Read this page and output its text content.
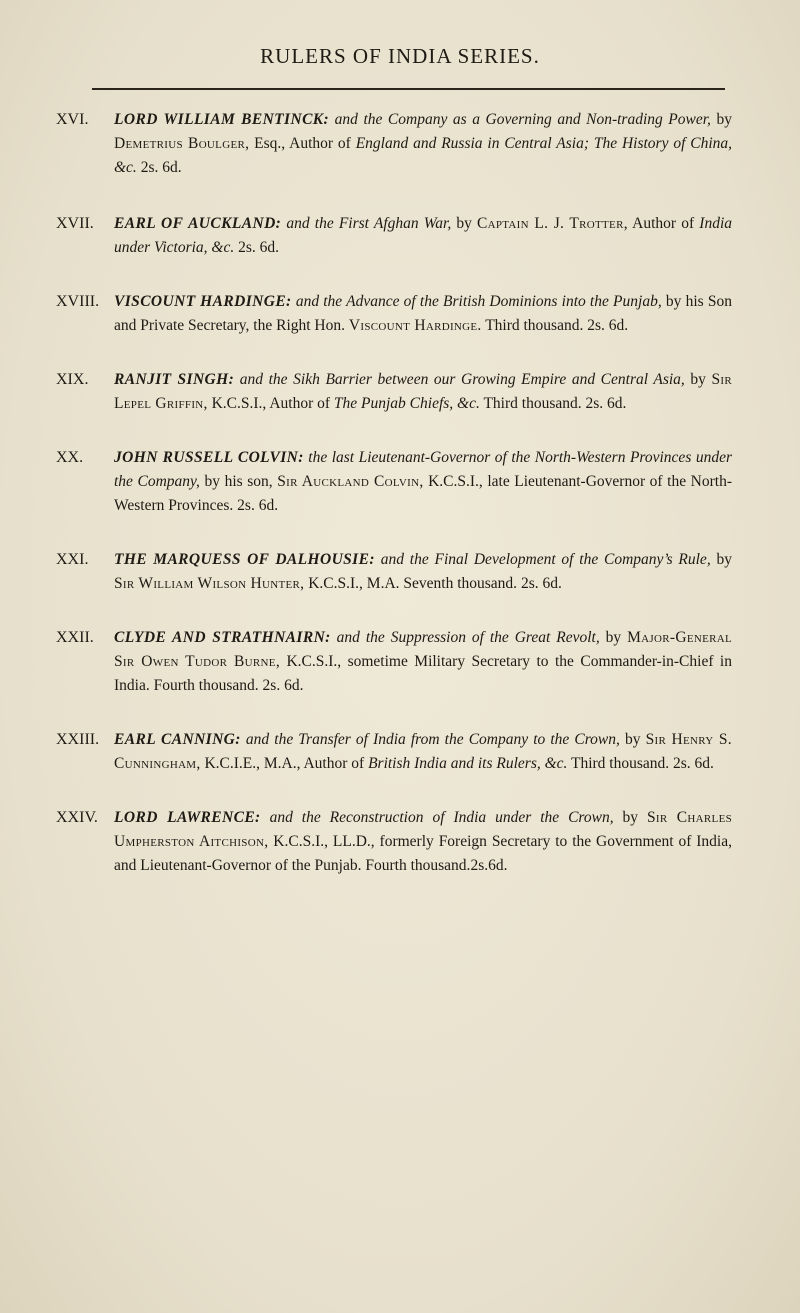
RULERS OF INDIA SERIES.
XVI.	LORD WILLIAM BENTINCK: and the Company as a Governing and Non-trading Power, by Demetrius Boulger, Esq., Author of England and Russia in Central Asia; The History of China, &c. 2s. 6d.
XVII.	EARL OF AUCKLAND: and the First Afghan War, by Captain L. J. Trotter, Author of India under Victoria, &c. 2s. 6d.
XVIII. VISCOUNT HARDINGE: and the Advance of the British Dominions into the Punjab, by his Son and Private Secretary, the Right Hon. Viscount Hardinge. Third thousand. 2s. 6d.
XIX.	RANJIT SINGH: and the Sikh Barrier between our Growing Empire and Central Asia, by Sir Lepel Griffin, K.C.S.I., Author of The Punjab Chiefs, &c. Third thousand. 2s. 6d.
XX.	JOHN RUSSELL COLVIN: the last Lieutenant-Governor of the North-Western Provinces under the Company, by his son, Sir Auckland Colvin, K.C.S.I., late Lieutenant-Governor of the North-Western Provinces. 2s. 6d.
XXI.	THE MARQUESS OF DALHOUSIE: and the Final Development of the Company’s Rule, by Sir William Wilson Hunter, K.C.S.I., M.A. Seventh thousand. 2s. 6d.
XXII.	CLYDE AND STRATHNAIRN: and the Suppression of the Great Revolt, by Major-General Sir Owen Tudor Burne, K.C.S.I., sometime Military Secretary to the Commander-in-Chief in India. Fourth thousand. 2s. 6d.
XXIII. EARL CANNING: and the Transfer of India from the Company to the Crown, by Sir Henry S. Cunningham, K.C.I.E., M.A., Author of British India and its Rulers, &c. Third thousand. 2s. 6d.
XXIV.	LORD LAWRENCE: and the Reconstruction of India under the Crown, by Sir Charles Umpherston Aitchison, K.C.S.I., LL.D., formerly Foreign Secretary to the Government of India, and Lieutenant-Governor of the Punjab. Fourth thousand.2s.6d.
